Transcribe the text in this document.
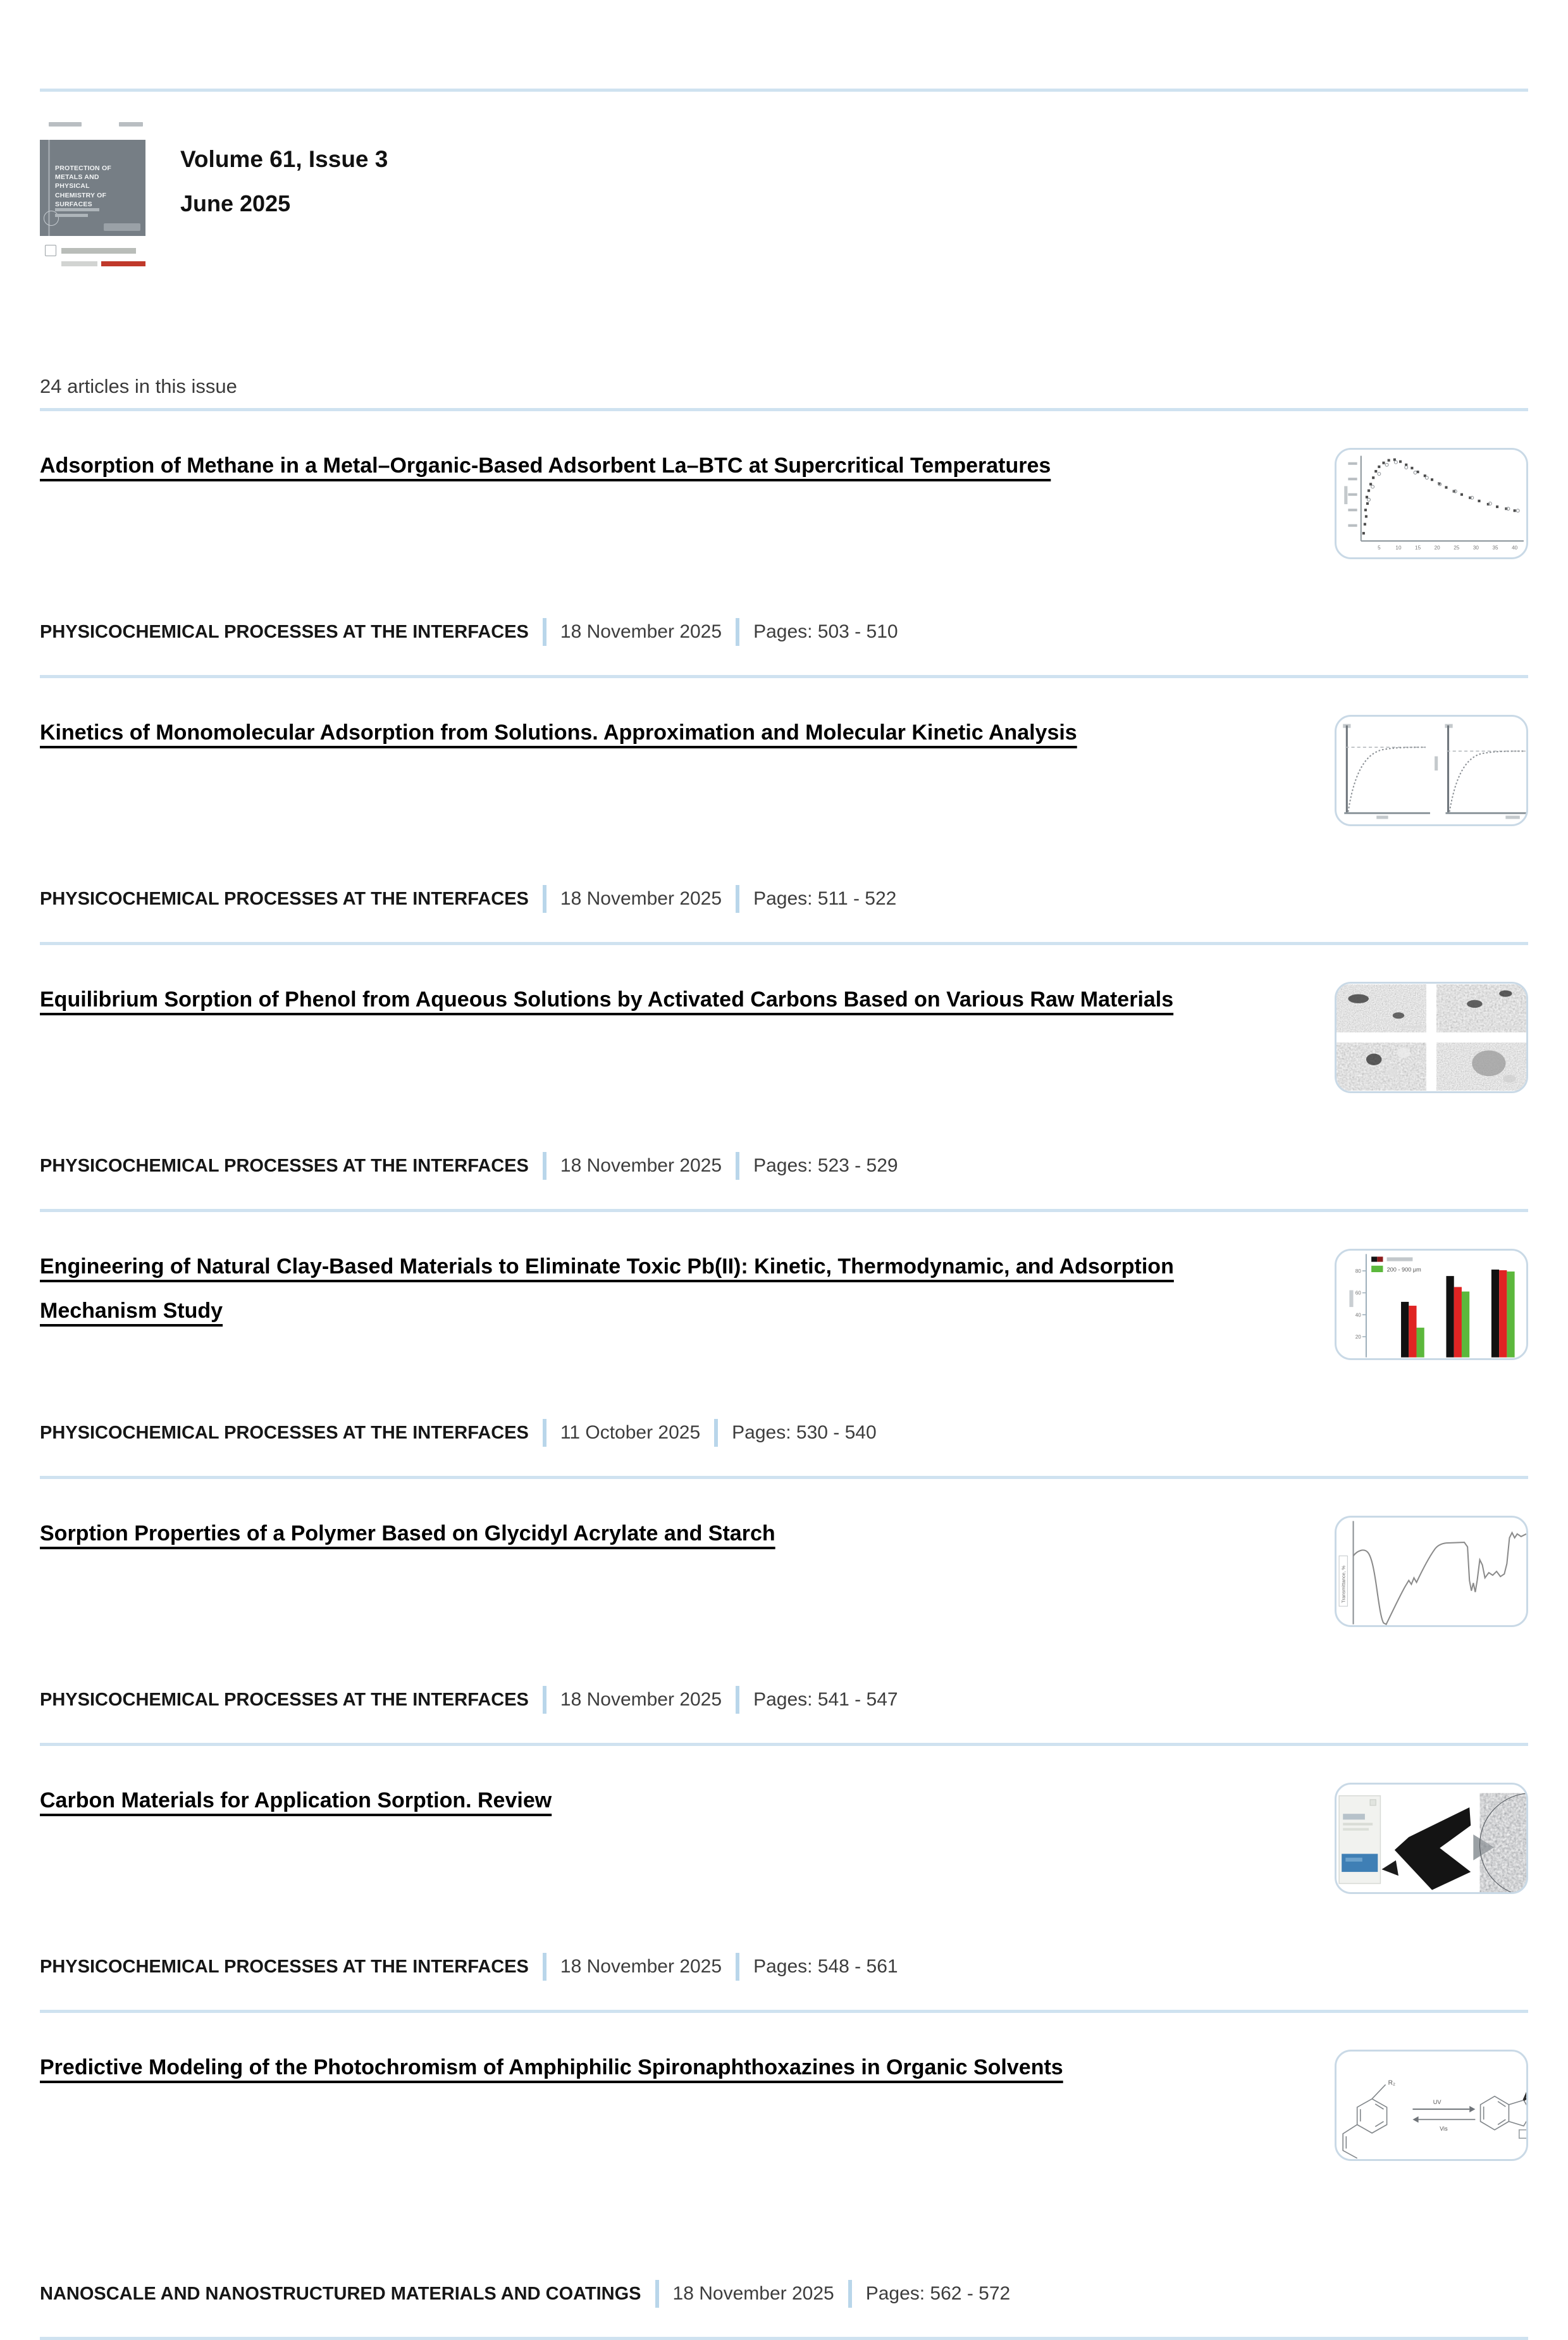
PROTECTION OF METALS AND PHYSICAL CHEMISTRY OF SURFACES
Volume 61, Issue 3
June 2025
24 articles in this issue
Adsorption of Methane in a Metal–Organic-Based Adsorbent La–BTC at Supercritical Temperatures
PHYSICOCHEMICAL PROCESSES AT THE INTERFACES 18 November 2025 Pages: 503 - 510
5	10	15	20	25	30	35	40
Kinetics of Monomolecular Adsorption from Solutions. Approximation and Molecular Kinetic Analysis
PHYSICOCHEMICAL PROCESSES AT THE INTERFACES 18 November 2025 Pages: 511 - 522
Equilibrium Sorption of Phenol from Aqueous Solutions by Activated Carbons Based on Various Raw Materials
PHYSICOCHEMICAL PROCESSES AT THE INTERFACES 18 November 2025 Pages: 523 - 529
Engineering of Natural Clay-Based Materials to Eliminate Toxic Pb(II): Kinetic, Thermodynamic, and Adsorption Mechanism Study
PHYSICOCHEMICAL PROCESSES AT THE INTERFACES 11 October 2025 Pages: 530 - 540
80
60
40
20
200 - 900 μm
Sorption Properties of a Polymer Based on Glycidyl Acrylate and Starch
PHYSICOCHEMICAL PROCESSES AT THE INTERFACES 18 November 2025 Pages: 541 - 547
Transmittance, %
Carbon Materials for Application Sorption. Review
PHYSICOCHEMICAL PROCESSES AT THE INTERFACES 18 November 2025 Pages: 548 - 561
Predictive Modeling of the Photochromism of Amphiphilic Spironaphthoxazines in Organic Solvents
NANOSCALE AND NANOSTRUCTURED MATERIALS AND COATINGS 18 November 2025 Pages: 562 - 572
R₂
UV
Vis
